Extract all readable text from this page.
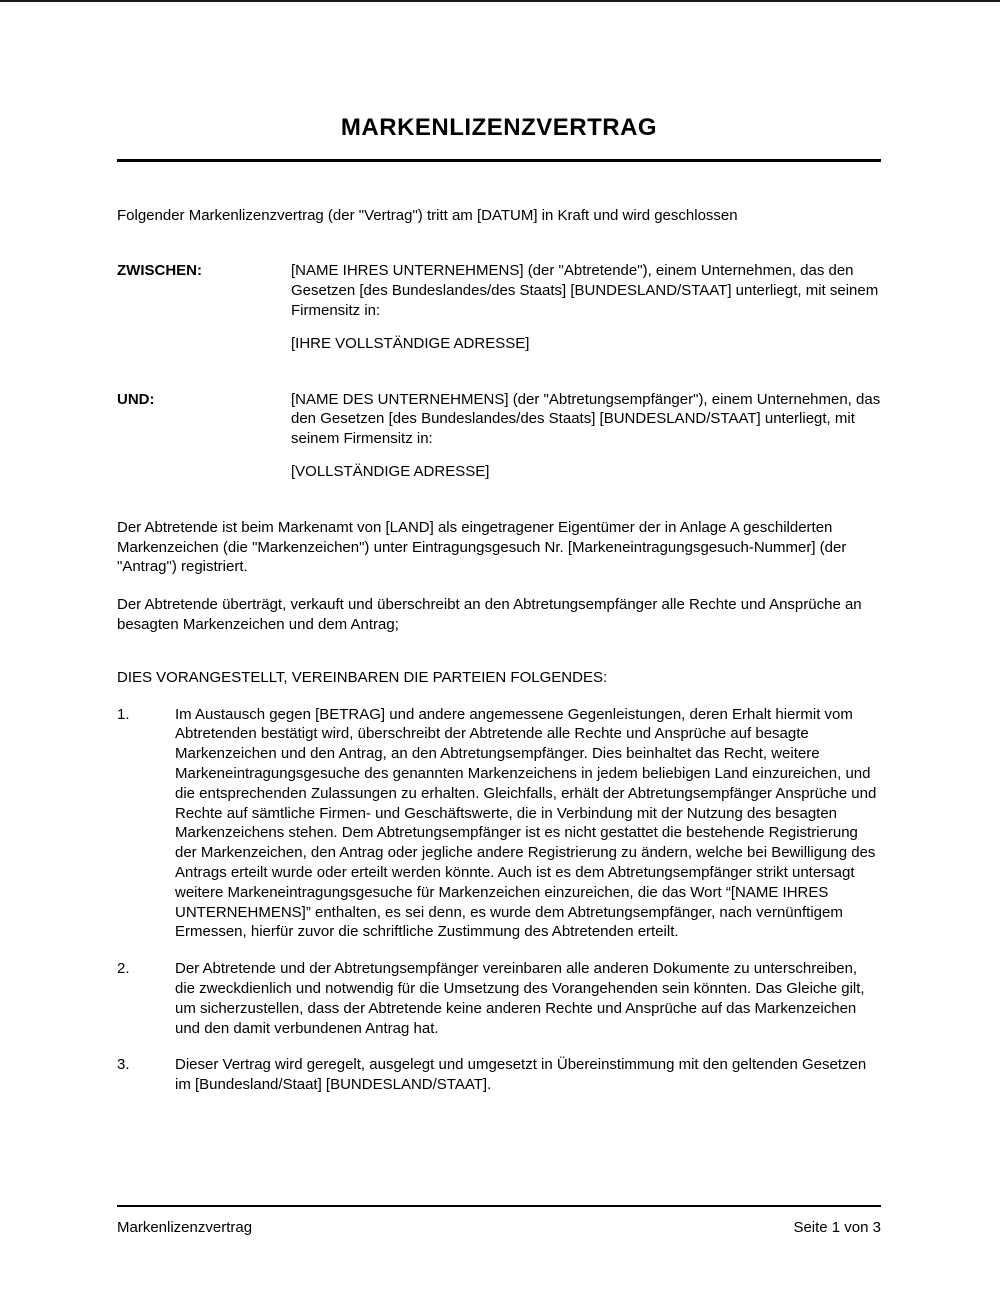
MARKENLIZENZVERTRAG

Folgender Markenlizenzvertrag (der "Vertrag") tritt am [DATUM] in Kraft und wird geschlossen

ZWISCHEN:	[NAME IHRES UNTERNEHMENS] (der "Abtretende"), einem Unternehmen, das den Gesetzen [des Bundeslandes/des Staats] [BUNDESLAND/STAAT] unterliegt, mit seinem Firmensitz in:

[IHRE VOLLSTÄNDIGE ADRESSE]

UND:	[NAME DES UNTERNEHMENS] (der "Abtretungsempfänger"), einem Unternehmen, das den Gesetzen [des Bundeslandes/des Staats] [BUNDESLAND/STAAT] unterliegt, mit seinem Firmensitz in:

[VOLLSTÄNDIGE ADRESSE]

Der Abtretende ist beim Markenamt von [LAND] als eingetragener Eigentümer der in Anlage A geschilderten Markenzeichen (die "Markenzeichen") unter Eintragungsgesuch Nr. [Markeneintragungsgesuch-Nummer] (der "Antrag") registriert.

Der Abtretende überträgt, verkauft und überschreibt an den Abtretungsempfänger alle Rechte und Ansprüche an besagten Markenzeichen und dem Antrag;

DIES VORANGESTELLT, VEREINBAREN DIE PARTEIEN FOLGENDES:

1.	Im Austausch gegen [BETRAG] und andere angemessene Gegenleistungen, deren Erhalt hiermit vom Abtretenden bestätigt wird, überschreibt der Abtretende alle Rechte und Ansprüche auf besagte Markenzeichen und den Antrag, an den Abtretungsempfänger. Dies beinhaltet das Recht, weitere Markeneintragungsgesuche des genannten Markenzeichens in jedem beliebigen Land einzureichen, und die entsprechenden Zulassungen zu erhalten. Gleichfalls, erhält der Abtretungsempfänger Ansprüche und Rechte auf sämtliche Firmen- und Geschäftswerte, die in Verbindung mit der Nutzung des besagten Markenzeichens stehen. Dem Abtretungsempfänger ist es nicht gestattet die bestehende Registrierung der Markenzeichen, den Antrag oder jegliche andere Registrierung zu ändern, welche bei Bewilligung des Antrags erteilt wurde oder erteilt werden könnte. Auch ist es dem Abtretungsempfänger strikt untersagt weitere Markeneintragungsgesuche für Markenzeichen einzureichen, die das Wort “[NAME IHRES UNTERNEHMENS]” enthalten, es sei denn, es wurde dem Abtretungsempfänger, nach vernünftigem Ermessen, hierfür zuvor die schriftliche Zustimmung des Abtretenden erteilt.
2.	Der Abtretende und der Abtretungsempfänger vereinbaren alle anderen Dokumente zu unterschreiben, die zweckdienlich und notwendig für die Umsetzung des Vorangehenden sein könnten. Das Gleiche gilt, um sicherzustellen, dass der Abtretende keine anderen Rechte und Ansprüche auf das Markenzeichen und den damit verbundenen Antrag hat.
3.	Dieser Vertrag wird geregelt, ausgelegt und umgesetzt in Übereinstimmung mit den geltenden Gesetzen im [Bundesland/Staat] [BUNDESLAND/STAAT].
Markenlizenzvertrag	Seite 1 von 3
